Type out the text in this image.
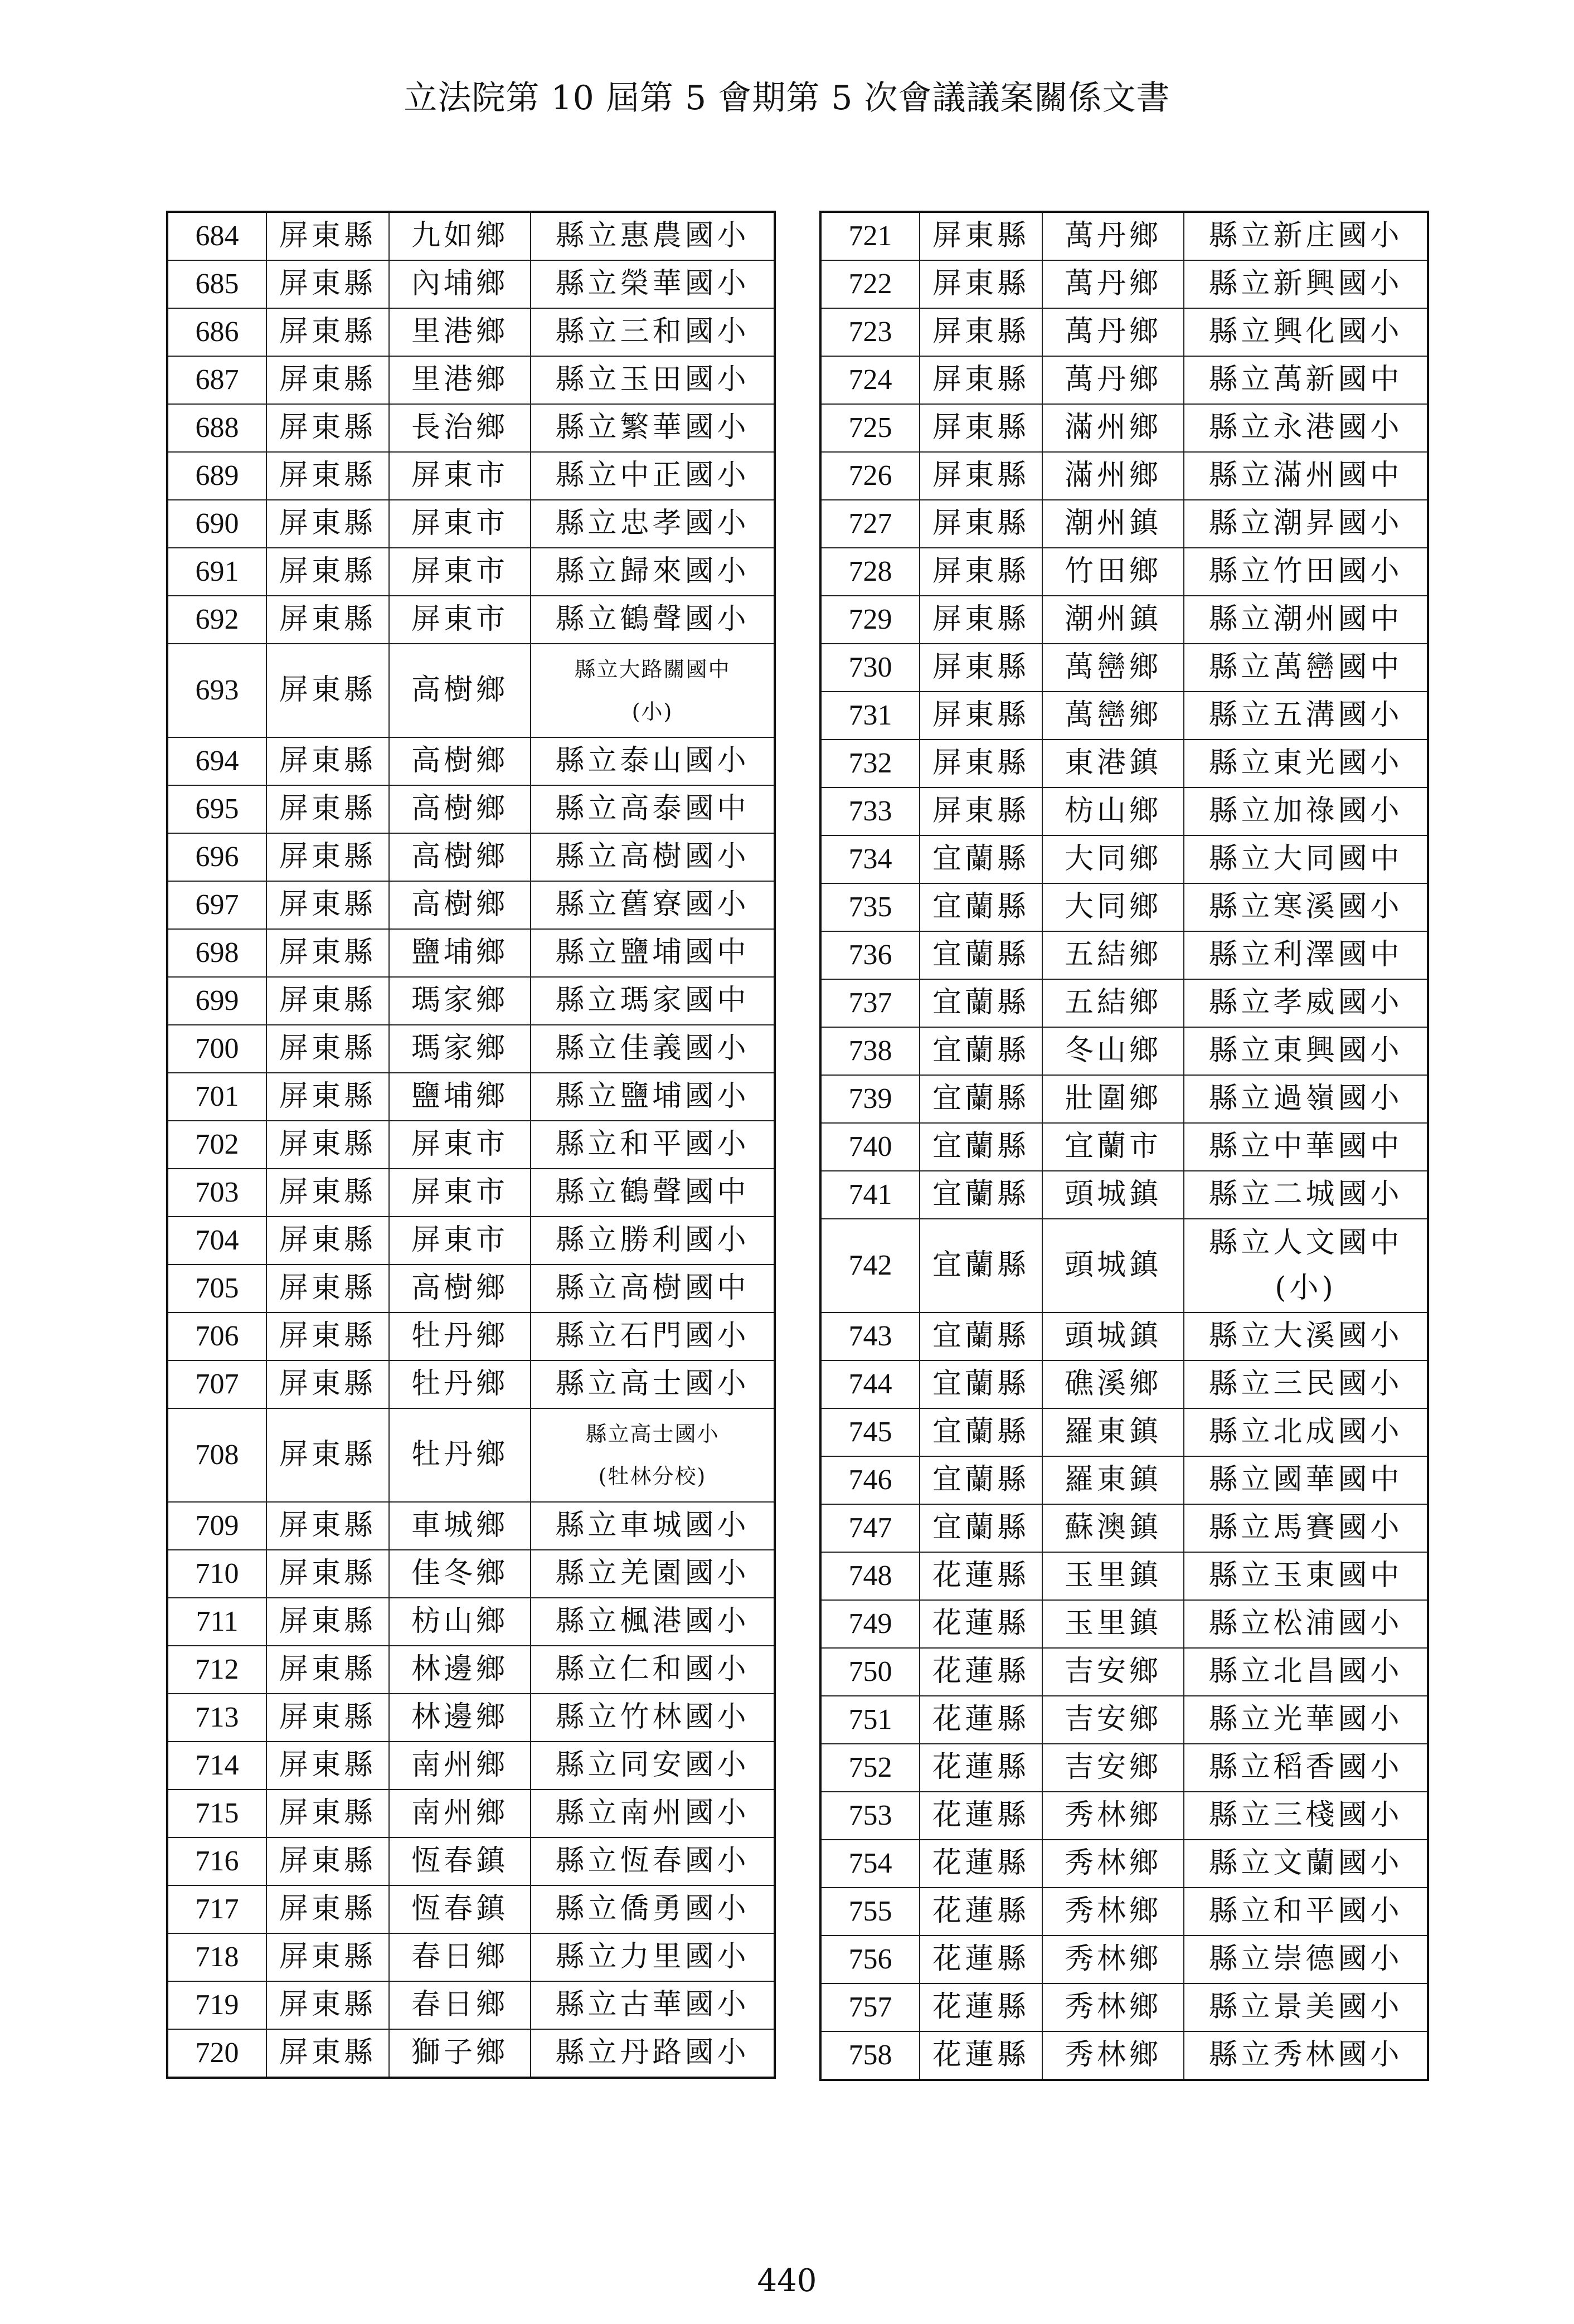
立法院第 10 屆第 5 會期第 5 次會議議案關係文書
684	屏東縣	九如鄉	縣立惠農國小
685	屏東縣	內埔鄉	縣立榮華國小
686	屏東縣	里港鄉	縣立三和國小
687	屏東縣	里港鄉	縣立玉田國小
688	屏東縣	長治鄉	縣立繁華國小
689	屏東縣	屏東市	縣立中正國小
690	屏東縣	屏東市	縣立忠孝國小
691	屏東縣	屏東市	縣立歸來國小
692	屏東縣	屏東市	縣立鶴聲國小
693	屏東縣	高樹鄉	縣立大路關國中
(小)

694	屏東縣	高樹鄉	縣立泰山國小
695	屏東縣	高樹鄉	縣立高泰國中
696	屏東縣	高樹鄉	縣立高樹國小
697	屏東縣	高樹鄉	縣立舊寮國小
698	屏東縣	鹽埔鄉	縣立鹽埔國中
699	屏東縣	瑪家鄉	縣立瑪家國中
700	屏東縣	瑪家鄉	縣立佳義國小
701	屏東縣	鹽埔鄉	縣立鹽埔國小
702	屏東縣	屏東市	縣立和平國小
703	屏東縣	屏東市	縣立鶴聲國中
704	屏東縣	屏東市	縣立勝利國小
705	屏東縣	高樹鄉	縣立高樹國中
706	屏東縣	牡丹鄉	縣立石門國小
707	屏東縣	牡丹鄉	縣立高士國小
708	屏東縣	牡丹鄉	縣立高士國小
(牡林分校)

709	屏東縣	車城鄉	縣立車城國小
710	屏東縣	佳冬鄉	縣立羌園國小
711	屏東縣	枋山鄉	縣立楓港國小
712	屏東縣	林邊鄉	縣立仁和國小
713	屏東縣	林邊鄉	縣立竹林國小
714	屏東縣	南州鄉	縣立同安國小
715	屏東縣	南州鄉	縣立南州國小
716	屏東縣	恆春鎮	縣立恆春國小
717	屏東縣	恆春鎮	縣立僑勇國小
718	屏東縣	春日鄉	縣立力里國小
719	屏東縣	春日鄉	縣立古華國小
720	屏東縣	獅子鄉	縣立丹路國小
721	屏東縣	萬丹鄉	縣立新庄國小
722	屏東縣	萬丹鄉	縣立新興國小
723	屏東縣	萬丹鄉	縣立興化國小
724	屏東縣	萬丹鄉	縣立萬新國中
725	屏東縣	滿州鄉	縣立永港國小
726	屏東縣	滿州鄉	縣立滿州國中
727	屏東縣	潮州鎮	縣立潮昇國小
728	屏東縣	竹田鄉	縣立竹田國小
729	屏東縣	潮州鎮	縣立潮州國中
730	屏東縣	萬巒鄉	縣立萬巒國中
731	屏東縣	萬巒鄉	縣立五溝國小
732	屏東縣	東港鎮	縣立東光國小
733	屏東縣	枋山鄉	縣立加祿國小
734	宜蘭縣	大同鄉	縣立大同國中
735	宜蘭縣	大同鄉	縣立寒溪國小
736	宜蘭縣	五結鄉	縣立利澤國中
737	宜蘭縣	五結鄉	縣立孝威國小
738	宜蘭縣	冬山鄉	縣立東興國小
739	宜蘭縣	壯圍鄉	縣立過嶺國小
740	宜蘭縣	宜蘭市	縣立中華國中
741	宜蘭縣	頭城鎮	縣立二城國小
742	宜蘭縣	頭城鎮	縣立人文國中
(小)

743	宜蘭縣	頭城鎮	縣立大溪國小
744	宜蘭縣	礁溪鄉	縣立三民國小
745	宜蘭縣	羅東鎮	縣立北成國小
746	宜蘭縣	羅東鎮	縣立國華國中
747	宜蘭縣	蘇澳鎮	縣立馬賽國小
748	花蓮縣	玉里鎮	縣立玉東國中
749	花蓮縣	玉里鎮	縣立松浦國小
750	花蓮縣	吉安鄉	縣立北昌國小
751	花蓮縣	吉安鄉	縣立光華國小
752	花蓮縣	吉安鄉	縣立稻香國小
753	花蓮縣	秀林鄉	縣立三棧國小
754	花蓮縣	秀林鄉	縣立文蘭國小
755	花蓮縣	秀林鄉	縣立和平國小
756	花蓮縣	秀林鄉	縣立崇德國小
757	花蓮縣	秀林鄉	縣立景美國小
758	花蓮縣	秀林鄉	縣立秀林國小
440
